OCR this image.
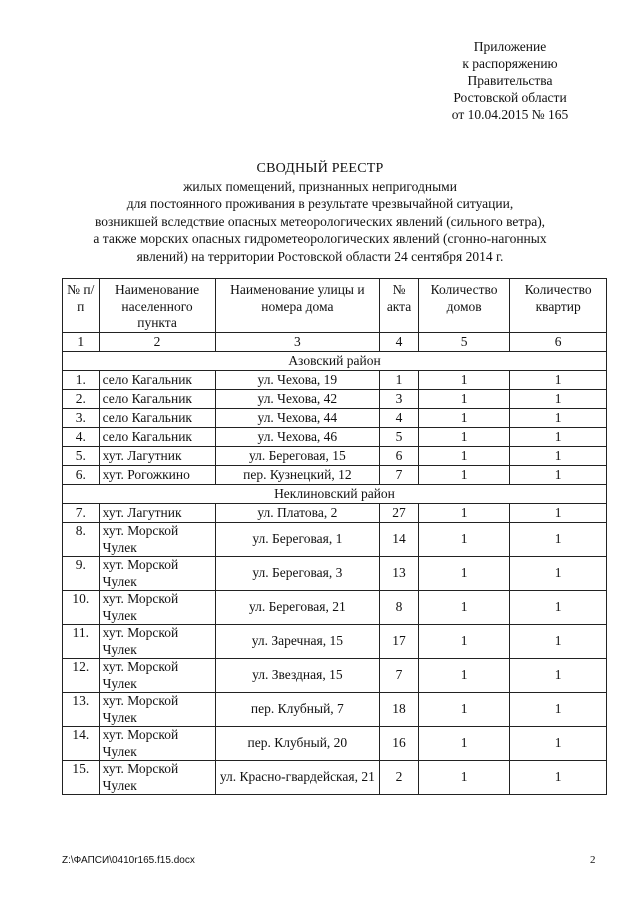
Приложение
к распоряжению
Правительства
Ростовской области
от 10.04.2015 № 165
СВОДНЫЙ РЕЕСТР
жилых помещений, признанных непригодными
для постоянного проживания в результате чрезвычайной ситуации,
возникшей вследствие опасных метеорологических явлений (сильного ветра),
а также морских опасных гидрометеорологических явлений (сгонно-нагонных
явлений) на территории Ростовской области 24 сентября 2014 г.
№ п/п	Наименование населенного пункта	Наименование улицы и номера дома	№ акта	Количество домов	Количество квартир
1	2	3	4	5	6
Азовский район					
1.	село Кагальник	ул. Чехова, 19	1	1	1
2.	село Кагальник	ул. Чехова, 42	3	1	1
3.	село Кагальник	ул. Чехова, 44	4	1	1
4.	село Кагальник	ул. Чехова, 46	5	1	1
5.	хут. Лагутник	ул. Береговая, 15	6	1	1
6.	хут. Рогожкино	пер. Кузнецкий, 12	7	1	1
Неклиновский район					
7.	хут. Лагутник	ул. Платова, 2	27	1	1
8.	хут. Морской Чулек	ул. Береговая, 1	14	1	1
9.	хут. Морской Чулек	ул. Береговая, 3	13	1	1
10.	хут. Морской Чулек	ул. Береговая, 21	8	1	1
11.	хут. Морской Чулек	ул. Заречная, 15	17	1	1
12.	хут. Морской Чулек	ул. Звездная, 15	7	1	1
13.	хут. Морской Чулек	пер. Клубный, 7	18	1	1
14.	хут. Морской Чулек	пер. Клубный, 20	16	1	1
15.	хут. Морской Чулек	ул. Красно-гвардейская, 21	2	1	1
Z:\ФАПСИ\0410r165.f15.docx	2
